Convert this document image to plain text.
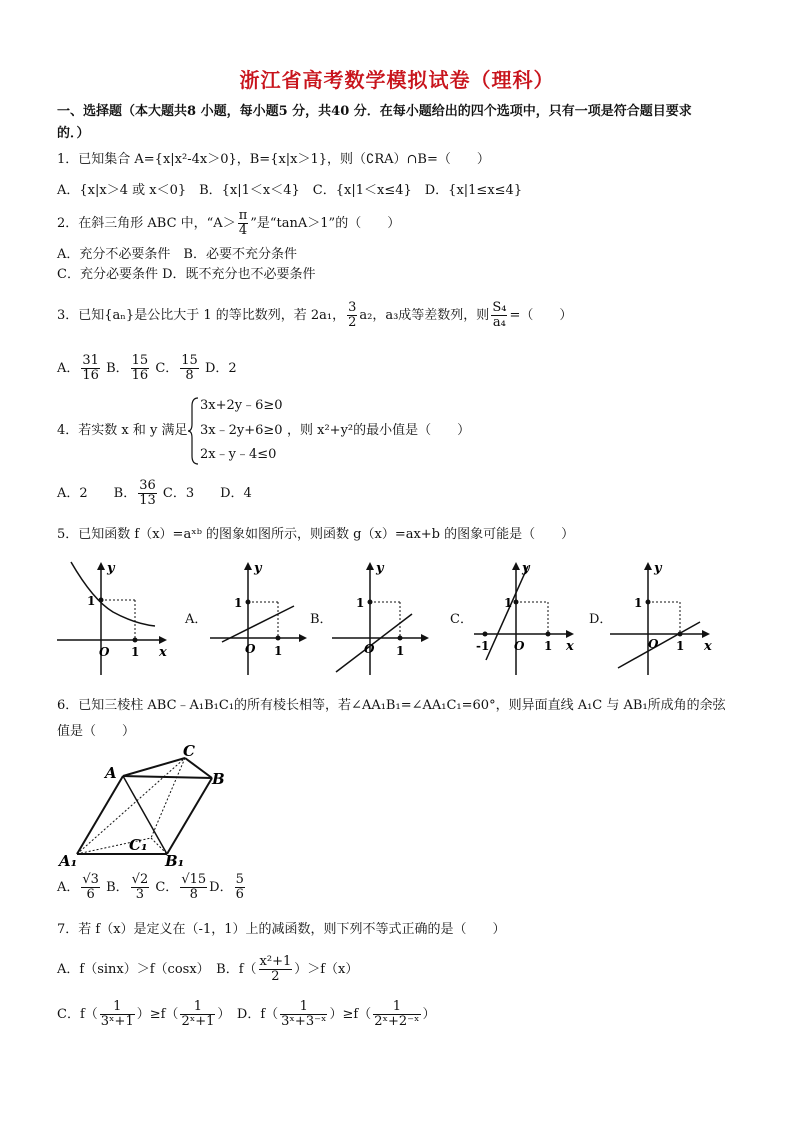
浙江省高考数学模拟试卷（理科）
一、选择题（本大题共8 小题，每小题5 分，共40 分．在每小题给出的四个选项中，只有一项是符合题目要求
的．）
1．已知集合 A={x|x²-4x＞0}，B={x|x＞1}，则（∁RA）∩B=（　　）
A．{x|x＞4 或 x＜0}　B．{x|1＜x＜4}　C．{x|1＜x≤4}　D．{x|1≤x≤4}
2．在斜三角形 ABC 中，“$A> \frac{\pi}{4}$ ”是“tanA＞1”的（　　）
A．充分不必要条件　B．必要不充分条件
C．充分必要条件 D．既不充分也不必要条件
3．已知{aₙ}是公比大于 1 的等比数列，若 2a₁， $\frac{3}{2} a_2$，a₃成等差数列，则 $\frac{\text{S₄}}{\text{a₄}}$ =（　　）
A． $\frac{31}{16}$ B． $\frac{15}{16}$ C． $\frac{15}{8}$ D．2
4．若实数 x 和 y 满足
3x+2y﹣6≥0
3x﹣2y+6≥0
2x﹣y﹣4≤0
，则 x²+y²的最小值是（　　）
A．2　　B． $\frac{36}{13}$ C．3　　D．4
5．已知函数 f（x）=aˣᵇ 的图象如图所示，则函数 g（x）=ax+b 的图象可能是（　　）
y
x
1
O 1
A．
y
1
O 1
B．
y
1
O 1
C．
y
1
O 1
-1	x
D．
y
1
O 1 x
6．已知三棱柱 ABC﹣A₁B₁C₁的所有棱长相等，若∠AA₁B₁=∠AA₁C₁=60°，则异面直线 A₁C 与 AB₁所成角的余弦
值是（　　）
A
C
B
A₁
C₁
B₁
A． $\frac{√3}{6}$ B． $\frac{√2}{3}$ C． $\frac{√15}{8}$ D． $\frac{5}{6}$
7．若 f（x）是定义在（-1，1）上的减函数，则下列不等式正确的是（　　）
A．f（sinx）＞f（cosx）　B．$f( \frac{\text{x²+1}}{2} )>f(x)$
C．$f( \frac{1}{\text{3ˣ+1}} )\ge f( \frac{1}{\text{2ˣ+1}}$ ）　D．$f( \frac{1}{\text{3ˣ+3⁻ˣ}} )\ge f( \frac{1}{\text{2ˣ+2⁻ˣ}}$ ）
